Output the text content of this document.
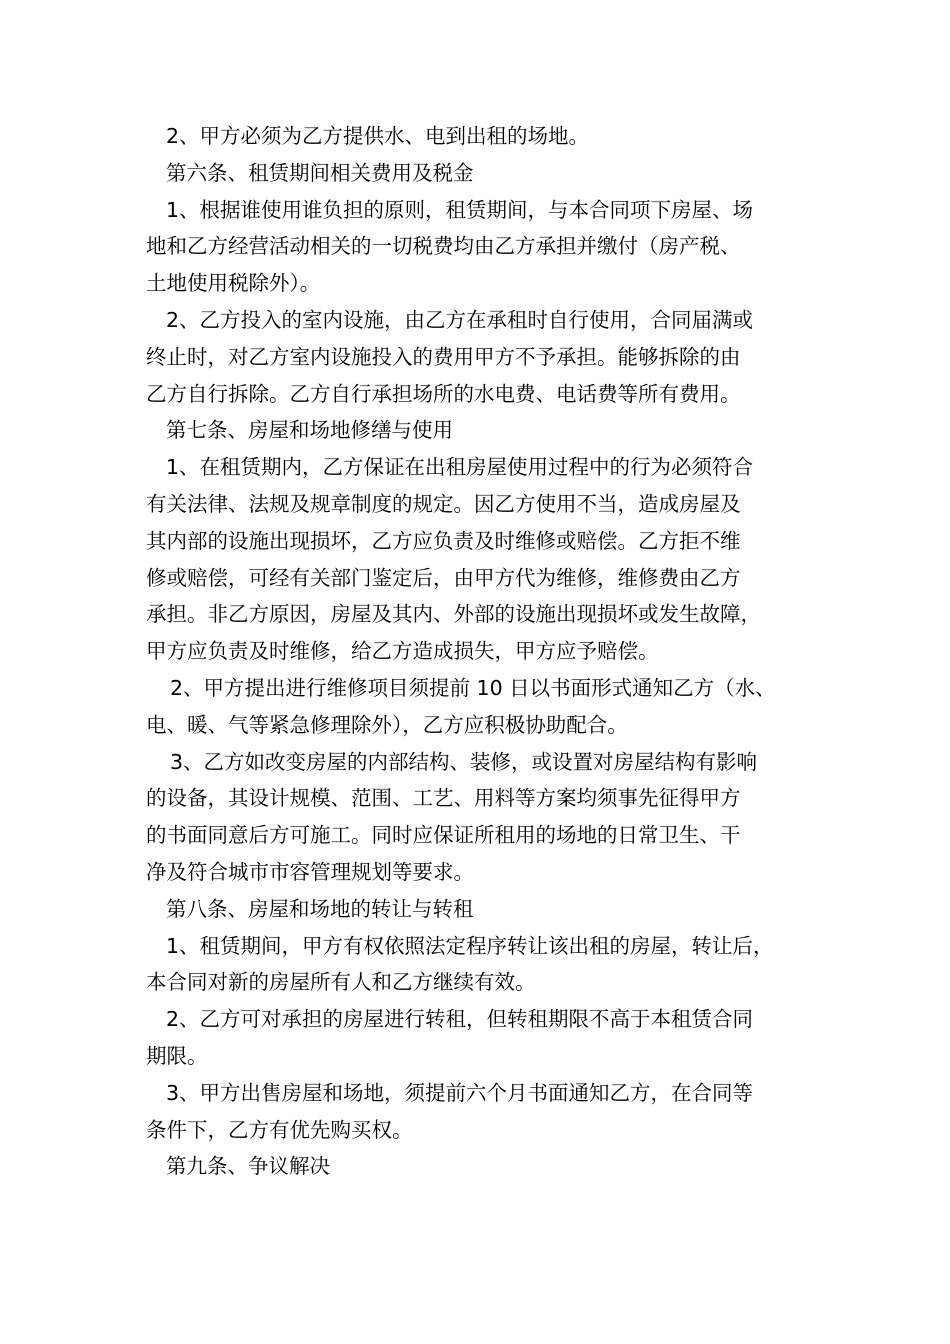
2、甲方必须为乙方提供水、电到出租的场地。

第六条、租赁期间相关费用及税金

1、根据谁使用谁负担的原则，租赁期间，与本合同项下房屋、场

地和乙方经营活动相关的一切税费均由乙方承担并缴付（房产税、

土地使用税除外）。

2、乙方投入的室内设施，由乙方在承租时自行使用，合同届满或

终止时，对乙方室内设施投入的费用甲方不予承担。能够拆除的由

乙方自行拆除。乙方自行承担场所的水电费、电话费等所有费用。

第七条、房屋和场地修缮与使用

1、在租赁期内，乙方保证在出租房屋使用过程中的行为必须符合

有关法律、法规及规章制度的规定。因乙方使用不当，造成房屋及

其内部的设施出现损坏，乙方应负责及时维修或赔偿。乙方拒不维

修或赔偿，可经有关部门鉴定后，由甲方代为维修，维修费由乙方

承担。非乙方原因，房屋及其内、外部的设施出现损坏或发生故障，

甲方应负责及时维修，给乙方造成损失，甲方应予赔偿。

2、甲方提出进行维修项目须提前 10 日以书面形式通知乙方（水、

电、暖、气等紧急修理除外），乙方应积极协助配合。

3、乙方如改变房屋的内部结构、装修，或设置对房屋结构有影响

的设备，其设计规模、范围、工艺、用料等方案均须事先征得甲方

的书面同意后方可施工。同时应保证所租用的场地的日常卫生、干

净及符合城市市容管理规划等要求。

第八条、房屋和场地的转让与转租

1、租赁期间，甲方有权依照法定程序转让该出租的房屋，转让后，

本合同对新的房屋所有人和乙方继续有效。

2、乙方可对承担的房屋进行转租，但转租期限不高于本租赁合同

期限。

3、甲方出售房屋和场地，须提前六个月书面通知乙方，在合同等

条件下，乙方有优先购买权。

第九条、争议解决
